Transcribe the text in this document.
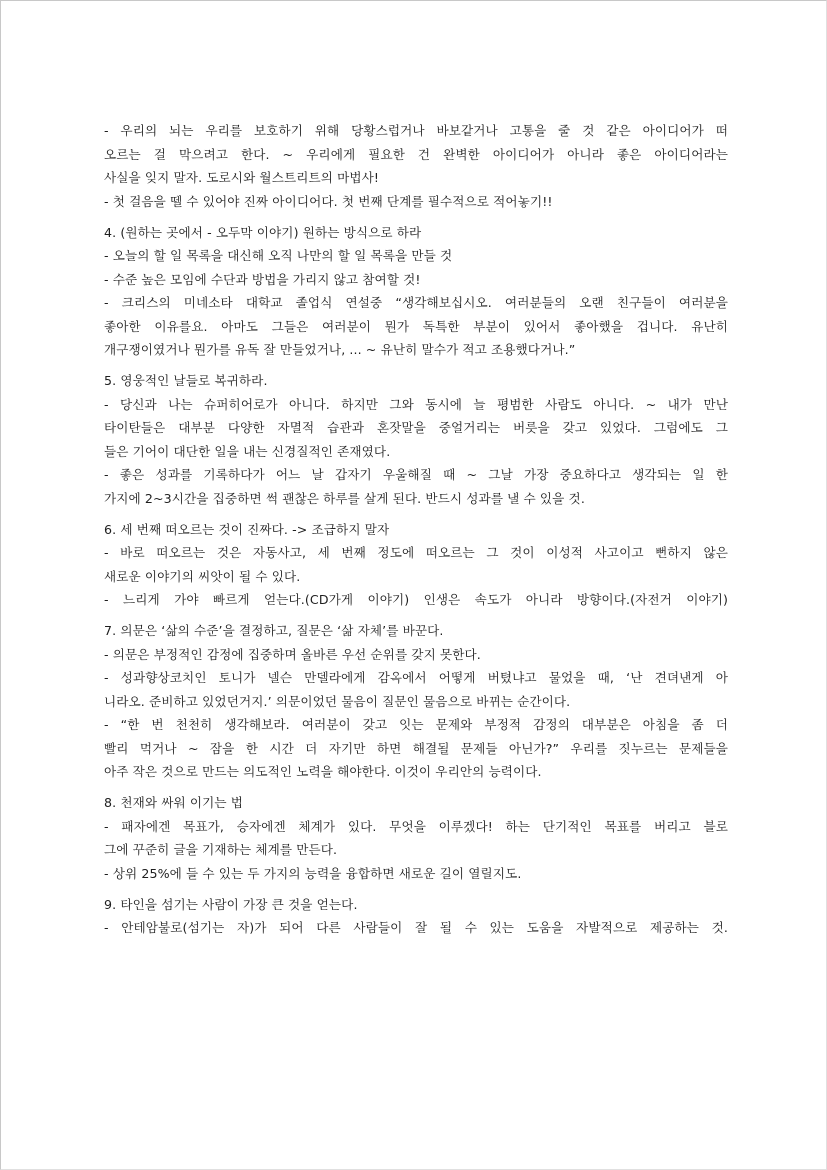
- 우리의 뇌는 우리를 보호하기 위해 당황스럽거나 바보같거나 고통을 줄 것 같은 아이디어가 떠
오르는 걸 막으려고 한다. ~ 우리에게 필요한 건 완벽한 아이디어가 아니라 좋은 아이디어라는
사실을 잊지 말자. 도로시와 월스트리트의 마법사!
- 첫 걸음을 뗄 수 있어야 진짜 아이디어다. 첫 번째 단계를 필수적으로 적어놓기!!
4. (원하는 곳에서 - 오두막 이야기) 원하는 방식으로 하라
- 오늘의 할 일 목록을 대신해 오직 나만의 할 일 목록을 만들 것
- 수준 높은 모임에 수단과 방법을 가리지 않고 참여할 것!
- 크리스의 미네소타 대학교 졸업식 연설중 “생각해보십시오. 여러분들의 오랜 친구들이 여러분을
좋아한 이유를요. 아마도 그들은 여러분이 뭔가 독특한 부분이 있어서 좋아했을 겁니다. 유난히
개구쟁이였거나 뭔가를 유독 잘 만들었거나, ... ~ 유난히 말수가 적고 조용했다거나.”
5. 영웅적인 날들로 복귀하라.
- 당신과 나는 슈퍼히어로가 아니다. 하지만 그와 동시에 늘 평범한 사람도 아니다. ~ 내가 만난
타이탄들은 대부분 다양한 자멸적 습관과 혼잣말을 중얼거리는 버릇을 갖고 있었다. 그럼에도 그
들은 기어이 대단한 일을 내는 신경질적인 존재였다.
- 좋은 성과를 기록하다가 어느 날 갑자기 우울해질 때 ~ 그날 가장 중요하다고 생각되는 일 한
가지에 2~3시간을 집중하면 썩 괜찮은 하루를 살게 된다. 반드시 성과를 낼 수 있을 것.
6. 세 번째 떠오르는 것이 진짜다. -> 조급하지 말자
- 바로 떠오르는 것은 자동사고, 세 번째 정도에 떠오르는 그 것이 이성적 사고이고 뻔하지 않은
새로운 이야기의 씨앗이 될 수 있다.
- 느리게 가야 빠르게 얻는다.(CD가게 이야기) 인생은 속도가 아니라 방향이다.(자전거 이야기)
7. 의문은 ‘삶의 수준’을 결정하고, 질문은 ‘삶 자체’를 바꾼다.
- 의문은 부정적인 감정에 집중하며 올바른 우선 순위를 갖지 못한다.
- 성과향상코치인 토니가 넬슨 만델라에게 감옥에서 어떻게 버텼냐고 물었을 때, ‘난 견뎌낸게 아
니라오. 준비하고 있었던거지.’ 의문이었던 물음이 질문인 물음으로 바뀌는 순간이다.
- “한 번 천천히 생각해보라. 여러분이 갖고 잇는 문제와 부정적 감정의 대부분은 아침을 좀 더
빨리 먹거나 ~ 잠을 한 시간 더 자기만 하면 해결될 문제들 아닌가?” 우리를 짓누르는 문제들을
아주 작은 것으로 만드는 의도적인 노력을 해야한다. 이것이 우리안의 능력이다.
8. 천재와 싸워 이기는 법
- 패자에겐 목표가, 승자에겐 체계가 있다. 무엇을 이루겠다! 하는 단기적인 목표를 버리고 블로
그에 꾸준히 글을 기재하는 체계를 만든다.
- 상위 25%에 들 수 있는 두 가지의 능력을 융합하면 새로운 길이 열릴지도.
9. 타인을 섬기는 사람이 가장 큰 것을 얻는다.
- 안테암불로(섬기는 자)가 되어 다른 사람들이 잘 될 수 있는 도움을 자발적으로 제공하는 것.
